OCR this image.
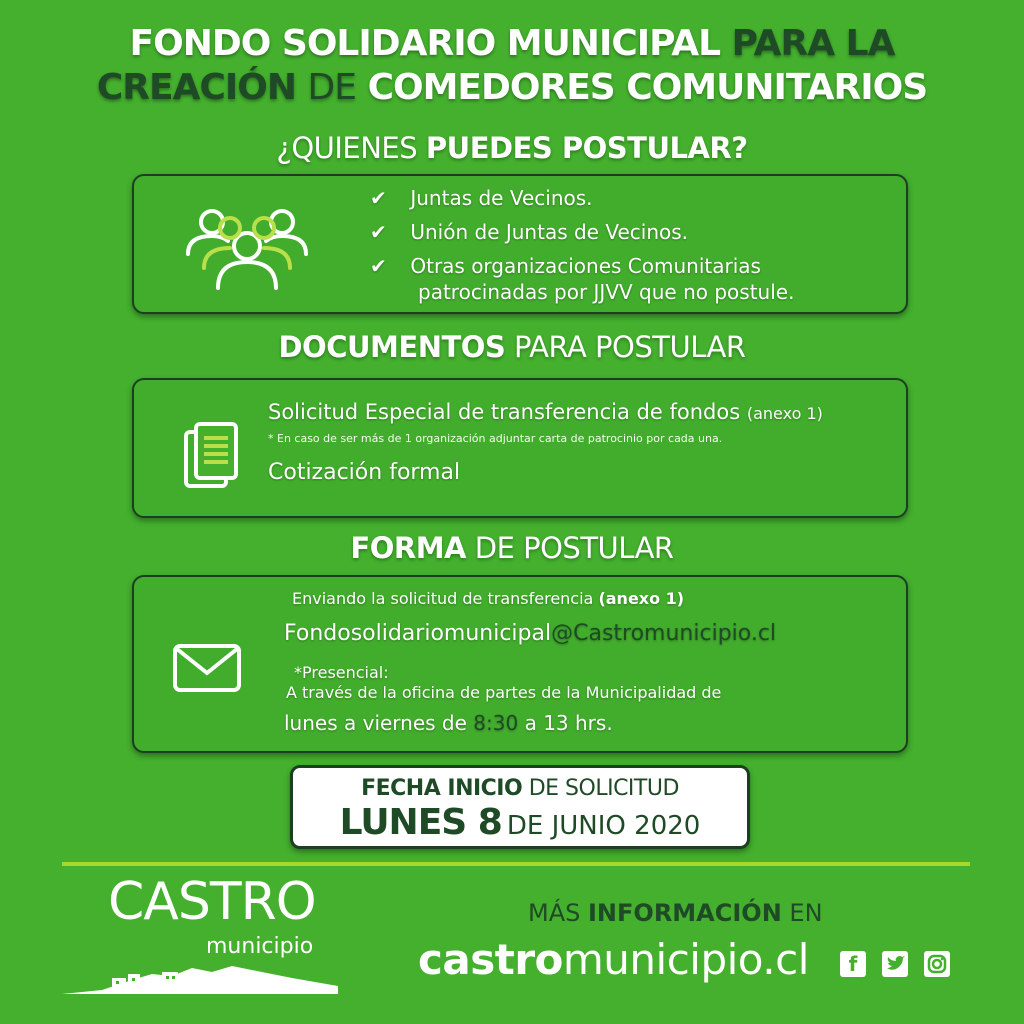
FONDO SOLIDARIO MUNICIPAL PARA LA
CREACIÓN DE COMEDORES COMUNITARIOS
¿QUIENES PUEDES POSTULAR?
✔ Juntas de Vecinos.
✔ Unión de Juntas de Vecinos.
✔ Otras organizaciones Comunitarias
patrocinadas por JJVV que no postule.
DOCUMENTOS PARA POSTULAR
Solicitud Especial de transferencia de fondos (anexo 1)
* En caso de ser más de 1 organización adjuntar carta de patrocinio por cada una.
Cotización formal
FORMA DE POSTULAR
Enviando la solicitud de transferencia (anexo 1)
Fondosolidariomunicipal@Castromunicipio.cl
*Presencial:
A través de la oficina de partes de la Municipalidad de
lunes a viernes de 8:30 a 13 hrs.
FECHA INICIO DE SOLICITUD
LUNES 8 DE JUNIO 2020
CASTRO
municipio
MÁS INFORMACIÓN EN
castromunicipio.cl	f
